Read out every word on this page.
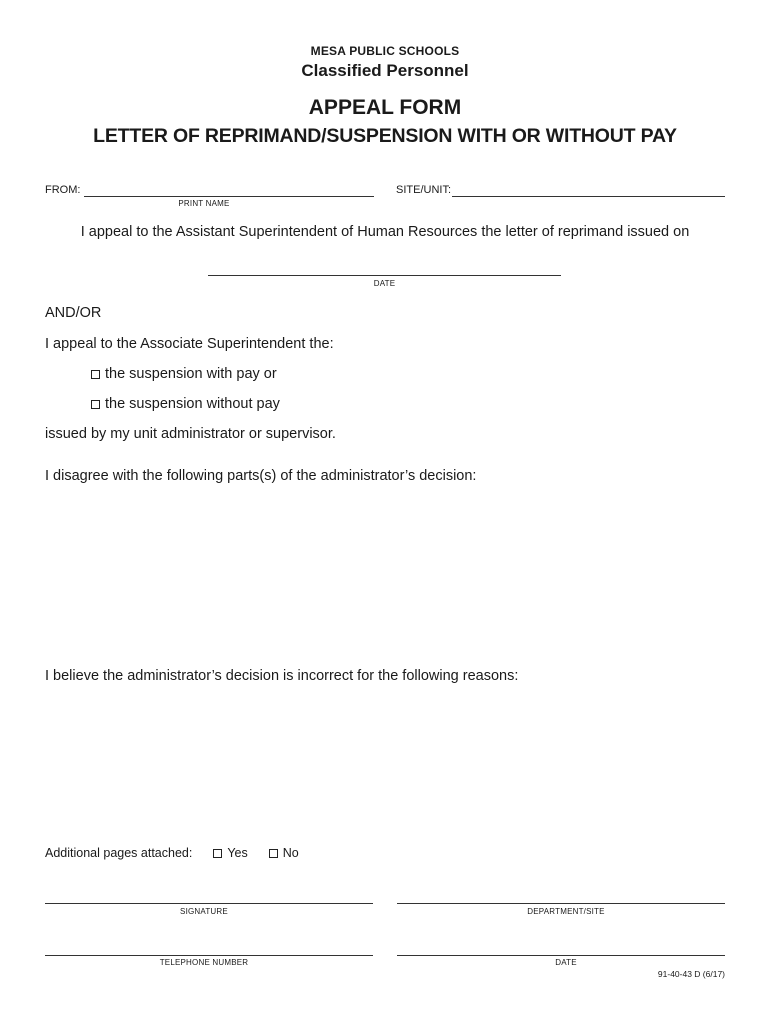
MESA PUBLIC SCHOOLS
Classified Personnel
APPEAL FORM
LETTER OF REPRIMAND/SUSPENSION WITH OR WITHOUT PAY
FROM:
PRINT NAME
SITE/UNIT:
I appeal to the Assistant Superintendent of Human Resources the letter of reprimand issued on
DATE
AND/OR
I appeal to the Associate Superintendent the:
the suspension with pay or
the suspension without pay
issued by my unit administrator or supervisor.
I disagree with the following parts(s) of the administrator’s decision:
I believe the administrator’s decision is incorrect for the following reasons:
Additional pages attached:	Yes	No
SIGNATURE	DEPARTMENT/SITE
TELEPHONE NUMBER	DATE
91-40-43 D (6/17)
